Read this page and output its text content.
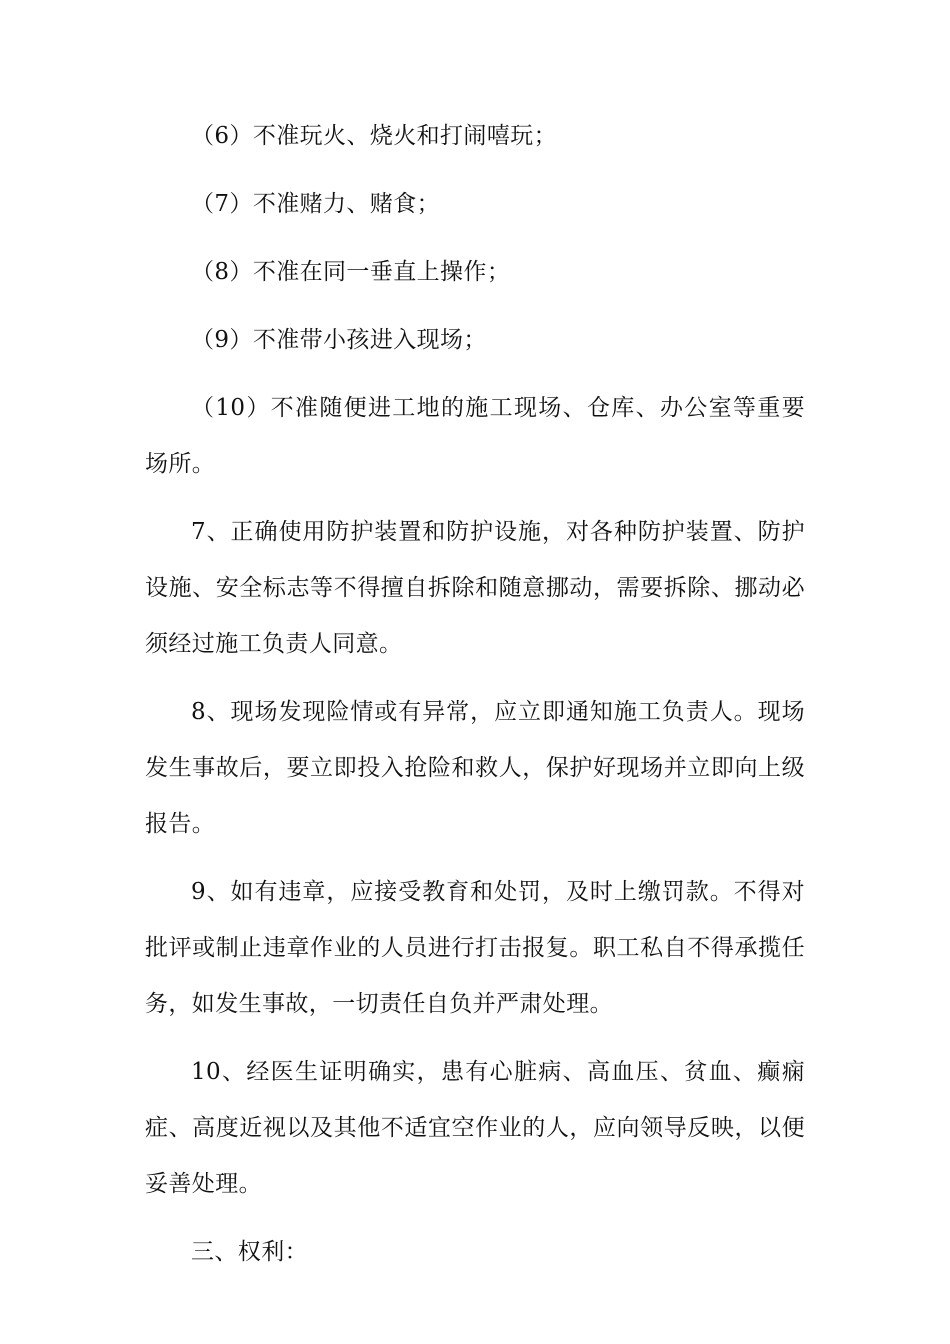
（6）不准玩火、烧火和打闹嘻玩；

（7）不准赌力、赌食；

（8）不准在同一垂直上操作；

（9）不准带小孩进入现场；

（10）不准随便进工地的施工现场、仓库、办公室等重要场所。

7、正确使用防护装置和防护设施，对各种防护装置、防护设施、安全标志等不得擅自拆除和随意挪动，需要拆除、挪动必须经过施工负责人同意。

8、现场发现险情或有异常，应立即通知施工负责人。现场发生事故后，要立即投入抢险和救人，保护好现场并立即向上级报告。

9、如有违章，应接受教育和处罚，及时上缴罚款。不得对批评或制止违章作业的人员进行打击报复。职工私自不得承揽任务，如发生事故，一切责任自负并严肃处理。

10、经医生证明确实，患有心脏病、高血压、贫血、癫痫症、高度近视以及其他不适宜空作业的人，应向领导反映，以便妥善处理。

三、权利：
